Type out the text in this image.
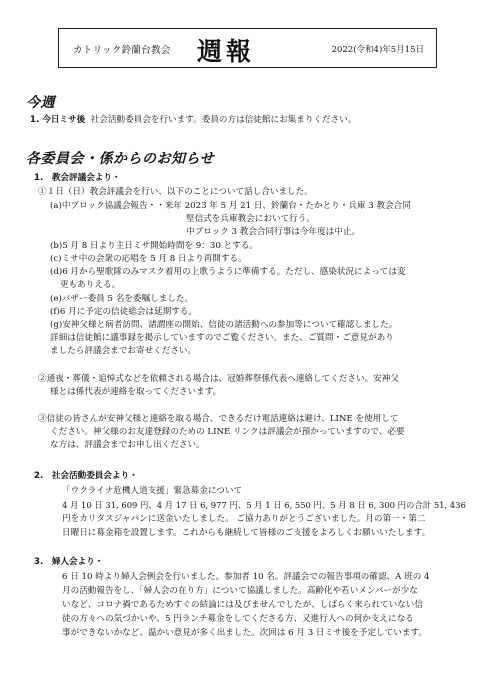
カトリック鈴蘭台教会 週報	2022(令和4)年5月15日
今週
1. 今日ミサ後 社会活動委員会を行います。委員の方は信徒館にお集まりください。
各委員会・係からのお知らせ
1.　教会評議会より・
①１日（日）教会評議会を行い、以下のことについて話し合いました。
(a)中ブロック協議会報告・・来年 2023 年 5 月 21 日、鈴蘭台・たかとり・兵庫 3 教会合同
堅信式を兵庫教会において行う。
中ブロック 3 教会合同行事は今年度は中止。
(b)5 月 8 日より主日ミサ開始時間を 9：30 とする。
(c)ミサ中の会衆の応唱を 5 月 8 日より再開する。
(d)6 月から聖歌隊のみマスク着用の上歌うように準備する。ただし、感染状況によっては変
更もありえる。
(e)バザー委員 5 名を委嘱しました。
(f)6 月に予定の信徒総会は延期する。
(g)安神父様と病者訪問、諸謂座の開始、信徒の諸活動への参加等について確認しました。
詳細は信徒館に議事録を掲示していますのでご覧ください。また、ご質問・ご意見があり
ましたら評議会までお寄せください。
②通夜・葬儀・追悼式などを依頼される場合は、冠婚葬祭係代表へ連絡してください。安神父
様とは係代表が連絡を取ってくださいます。
③信徒の皆さんが安神父様と連絡を取る場合、できるだけ電話連絡は避け、LINE を使用して
ください。神父様のお友達登録のための LINE リンクは評議会が預かっていますので、必要
な方は、評議会までお申し出ください。
2.　社会活動委員会より・
「ウクライナ危機人道支援」緊急募金について
4 月 10 日 31, 609 円、4 月 17 日 6, 977 円、5 月 1 日 6, 550 円、5 月 8 日 6, 300 円の合計 51, 436
円をカリタスジャパンに送金いたしました。 ご協力ありがとうございました。月の第一・第二
日曜日に募金箱を設置します。これからも継続して皆様のご支援をよろしくお願いいたします。
3.　婦人会より・
6 日 10 時より婦人会例会を行いました。参加者 10 名。評議会での報告事項の確認、A 班の 4
月の活動報告をし、「婦人会の在り方」について協議しました。高齢化や若いメンバーが少な
いなど、コロナ禍であるためすぐの結論には及びませんでしたが、しばらく来られていない信
徒の方々への気づかいや、5 円ランチ募金をしてくださる方、又進行人への何か支えになる
事ができないかなど、温かい意見が多く出ました。次回は 6 月 3 日ミサ後を予定しています。
